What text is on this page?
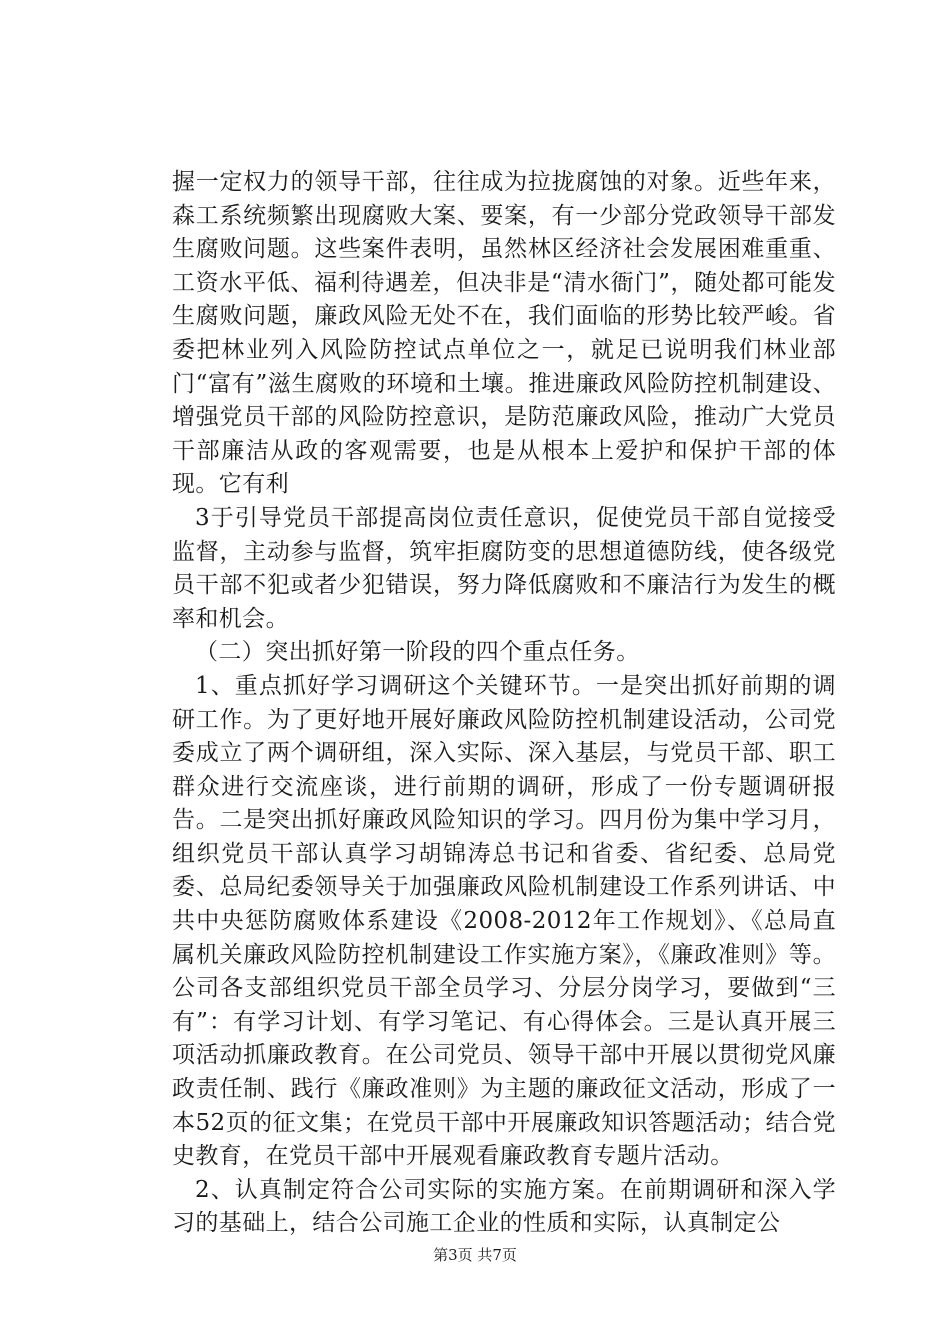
握一定权力的领导干部，往往成为拉拢腐蚀的对象。近些年来，森工系统频繁出现腐败大案、要案，有一少部分党政领导干部发生腐败问题。这些案件表明，虽然林区经济社会发展困难重重、工资水平低、福利待遇差，但决非是“清水衙门”，随处都可能发生腐败问题，廉政风险无处不在，我们面临的形势比较严峻。省委把林业列入风险防控试点单位之一，就足已说明我们林业部门“富有”滋生腐败的环境和土壤。推进廉政风险防控机制建设、增强党员干部的风险防控意识，是防范廉政风险，推动广大党员干部廉洁从政的客观需要，也是从根本上爱护和保护干部的体现。它有利

3于引导党员干部提高岗位责任意识，促使党员干部自觉接受监督，主动参与监督，筑牢拒腐防变的思想道德防线，使各级党员干部不犯或者少犯错误，努力降低腐败和不廉洁行为发生的概率和机会。

（二）突出抓好第一阶段的四个重点任务。

1、重点抓好学习调研这个关键环节。一是突出抓好前期的调研工作。为了更好地开展好廉政风险防控机制建设活动，公司党委成立了两个调研组，深入实际、深入基层，与党员干部、职工群众进行交流座谈，进行前期的调研，形成了一份专题调研报告。二是突出抓好廉政风险知识的学习。四月份为集中学习月，组织党员干部认真学习胡锦涛总书记和省委、省纪委、总局党委、总局纪委领导关于加强廉政风险机制建设工作系列讲话、中共中央惩防腐败体系建设《2008-2012年工作规划》、《总局直属机关廉政风险防控机制建设工作实施方案》，《廉政准则》等。公司各支部组织党员干部全员学习、分层分岗学习，要做到“三有”：有学习计划、有学习笔记、有心得体会。三是认真开展三项活动抓廉政教育。在公司党员、领导干部中开展以贯彻党风廉政责任制、践行《廉政准则》为主题的廉政征文活动，形成了一本52页的征文集；在党员干部中开展廉政知识答题活动；结合党史教育，在党员干部中开展观看廉政教育专题片活动。

2、认真制定符合公司实际的实施方案。在前期调研和深入学习的基础上，结合公司施工企业的性质和实际，认真制定公

第3页 共7页
